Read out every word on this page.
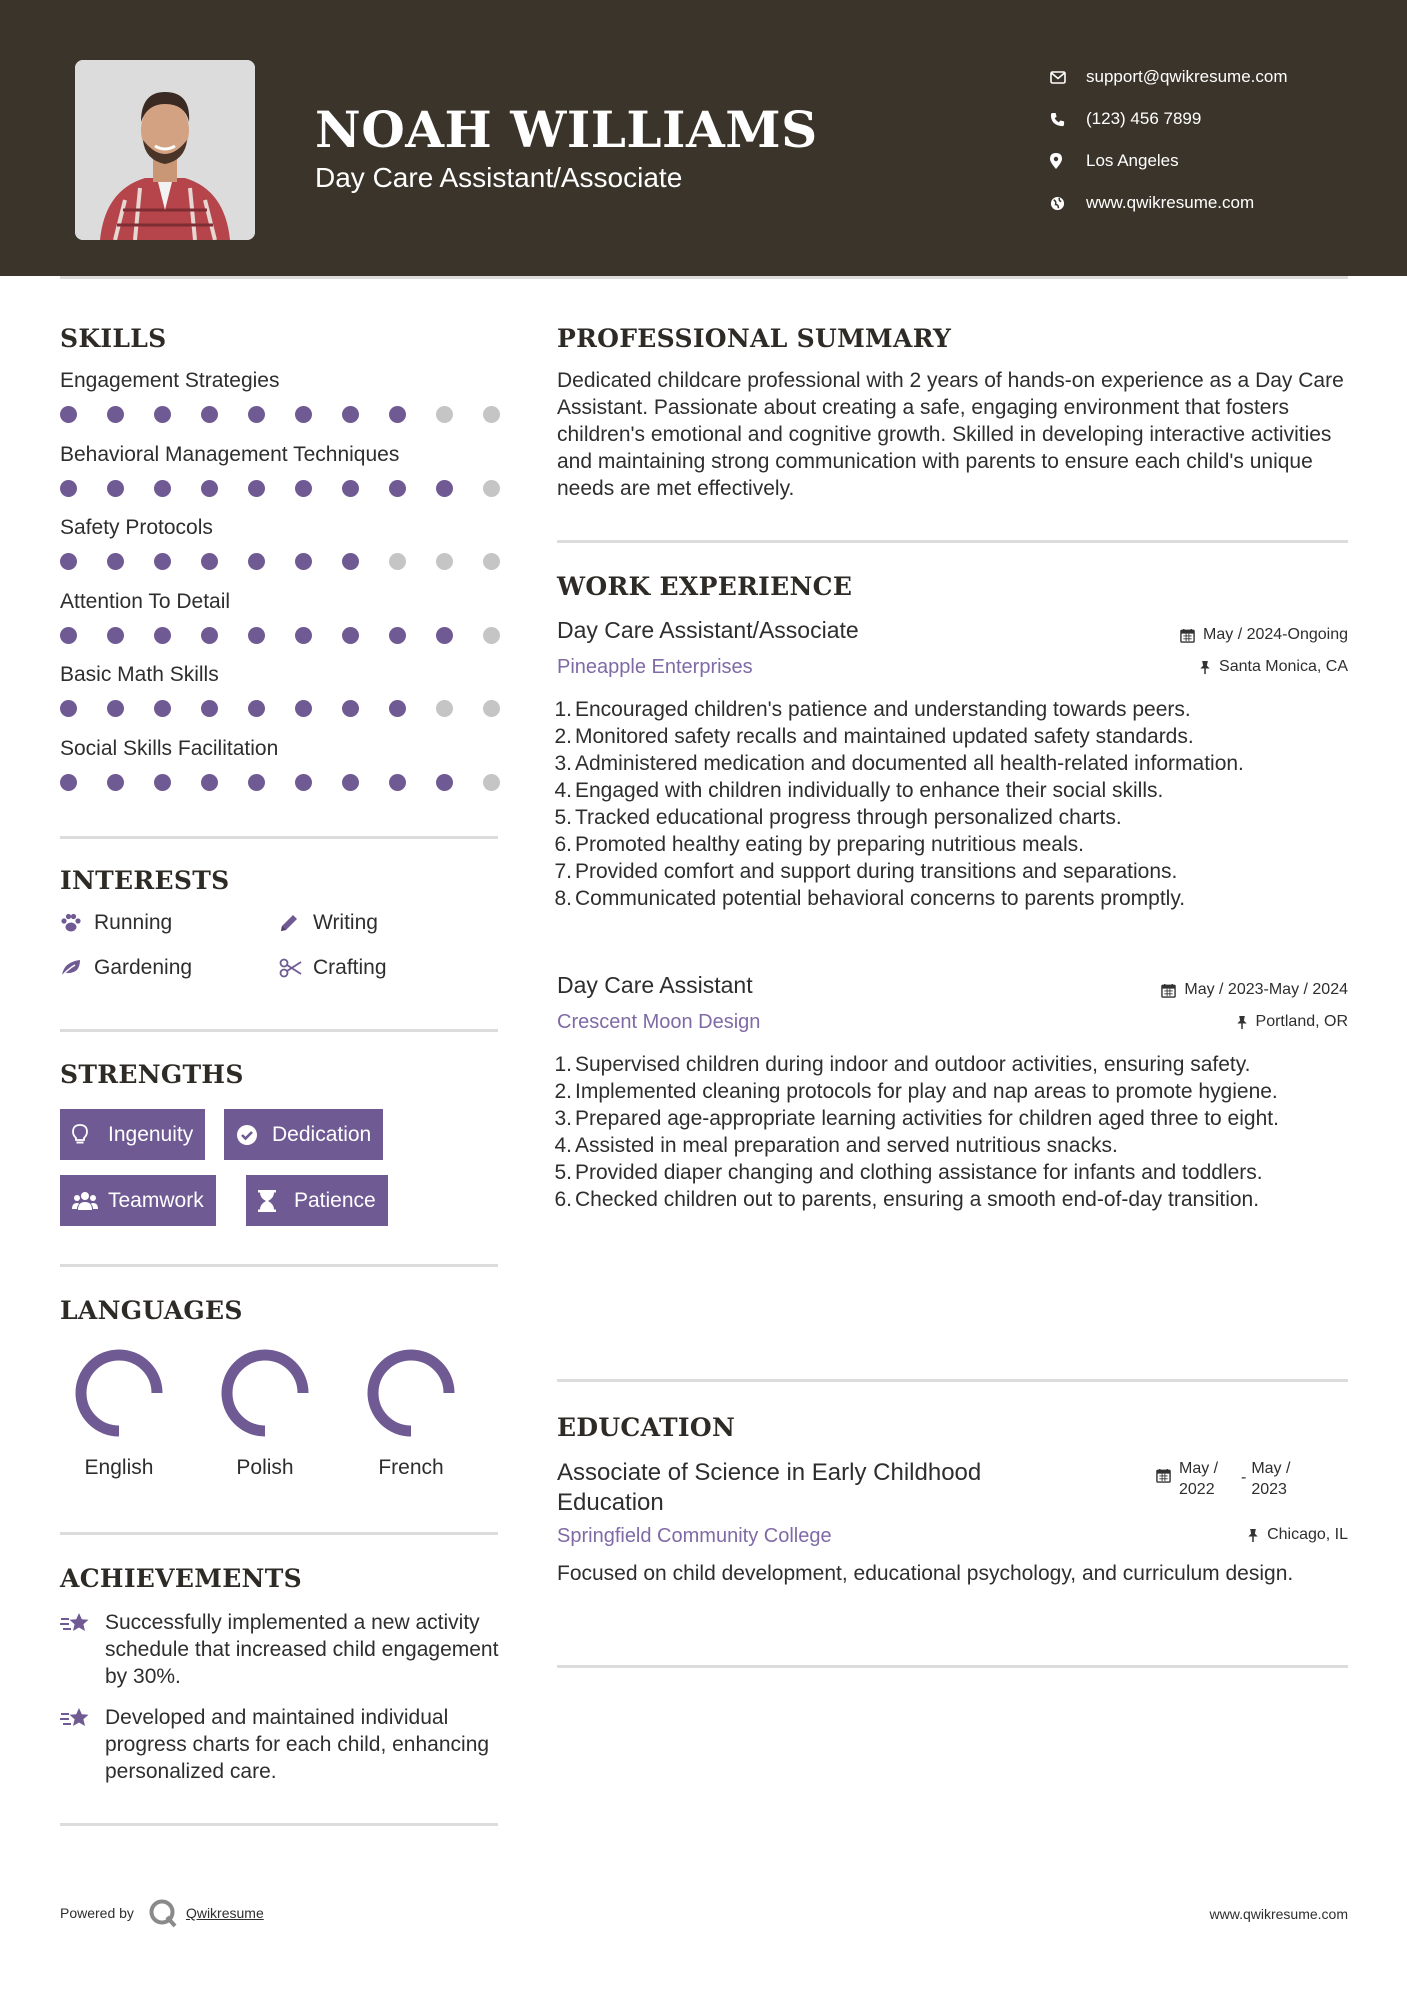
NOAH WILLIAMS
Day Care Assistant/Associate
support@qwikresume.com
(123) 456 7899
Los Angeles
www.qwikresume.com
SKILLS
Engagement Strategies
Behavioral Management Techniques
Safety Protocols
Attention To Detail
Basic Math Skills
Social Skills Facilitation
INTERESTS
Running	Writing
Gardening	Crafting
STRENGTHS
Ingenuity	Dedication
Teamwork	Patience
LANGUAGES
English	Polish	French
ACHIEVEMENTS
Successfully implemented a new activity schedule that increased child engagement by 30%.
Developed and maintained individual progress charts for each child, enhancing personalized care.
PROFESSIONAL SUMMARY
Dedicated childcare professional with 2 years of hands-on experience as a Day Care Assistant. Passionate about creating a safe, engaging environment that fosters children's emotional and cognitive growth. Skilled in developing interactive activities and maintaining strong communication with parents to ensure each child's unique needs are met effectively.
WORK EXPERIENCE
Day Care Assistant/Associate	May / 2024-Ongoing
Pineapple Enterprises	Santa Monica, CA
1. Encouraged children's patience and understanding towards peers.
2. Monitored safety recalls and maintained updated safety standards.
3. Administered medication and documented all health-related information.
4. Engaged with children individually to enhance their social skills.
5. Tracked educational progress through personalized charts.
6. Promoted healthy eating by preparing nutritious meals.
7. Provided comfort and support during transitions and separations.
8. Communicated potential behavioral concerns to parents promptly.
Day Care Assistant	May / 2023-May / 2024
Crescent Moon Design	Portland, OR
1. Supervised children during indoor and outdoor activities, ensuring safety.
2. Implemented cleaning protocols for play and nap areas to promote hygiene.
3. Prepared age-appropriate learning activities for children aged three to eight.
4. Assisted in meal preparation and served nutritious snacks.
5. Provided diaper changing and clothing assistance for infants and toddlers.
6. Checked children out to parents, ensuring a smooth end-of-day transition.
EDUCATION
Associate of Science in Early Childhood Education
May / 2022
-
May / 2023
Springfield Community College	Chicago, IL
Focused on child development, educational psychology, and curriculum design.
Powered by	Qwikresume	www.qwikresume.com
